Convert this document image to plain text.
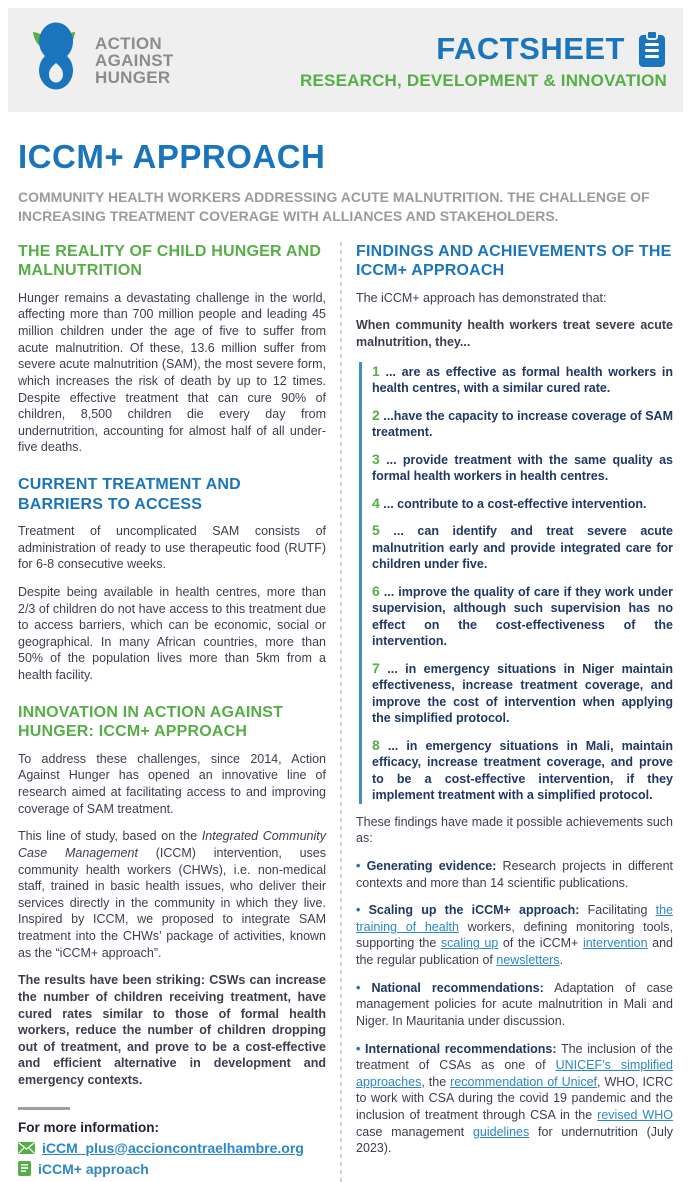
ACTION
AGAINST
HUNGER
FACTSHEET
RESEARCH, DEVELOPMENT & INNOVATION
ICCM+ APPROACH
COMMUNITY HEALTH WORKERS ADDRESSING ACUTE MALNUTRITION. THE CHALLENGE OF INCREASING TREATMENT COVERAGE WITH ALLIANCES AND STAKEHOLDERS.
THE REALITY OF CHILD HUNGER AND MALNUTRITION

Hunger remains a devastating challenge in the world, affecting more than 700 million people and leading 45 million children under the age of five to suffer from acute malnutrition. Of these, 13.6 million suffer from severe acute malnutrition (SAM), the most severe form, which increases the risk of death by up to 12 times. Despite effective treatment that can cure 90% of children, 8,500 children die every day from undernutrition, accounting for almost half of all under-five deaths.

CURRENT TREATMENT AND BARRIERS TO ACCESS

Treatment of uncomplicated SAM consists of administration of ready to use therapeutic food (RUTF) for 6-8 consecutive weeks.

Despite being available in health centres, more than 2/3 of children do not have access to this treatment due to access barriers, which can be economic, social or geographical. In many African countries, more than 50% of the population lives more than 5km from a health facility.

INNOVATION IN ACTION AGAINST HUNGER: ICCM+ APPROACH

To address these challenges, since 2014, Action Against Hunger has opened an innovative line of research aimed at facilitating access to and improving coverage of SAM treatment.

This line of study, based on the Integrated Community Case Management (ICCM) intervention, uses community health workers (CHWs), i.e. non-medical staff, trained in basic health issues, who deliver their services directly in the community in which they live. Inspired by ICCM, we proposed to integrate SAM treatment into the CHWs’ package of activities, known as the “iCCM+ approach”.

The results have been striking: CSWs can increase the number of children receiving treatment, have cured rates similar to those of formal health workers, reduce the number of children dropping out of treatment, and prove to be a cost-effective and efficient alternative in development and emergency contexts.

For more information:
iCCM_plus@accioncontraelhambre.org
iCCM+ approach
FINDINGS AND ACHIEVEMENTS OF THE ICCM+ APPROACH

The iCCM+ approach has demonstrated that:

When community health workers treat severe acute malnutrition, they...

1 ... are as effective as formal health workers in health centres, with a similar cured rate.
2 ...have the capacity to increase coverage of SAM treatment.
3 ... provide treatment with the same quality as formal health workers in health centres.
4 ... contribute to a cost-effective intervention.
5 ... can identify and treat severe acute malnutrition early and provide integrated care for children under five.
6 ... improve the quality of care if they work under supervision, although such supervision has no effect on the cost-effectiveness of the intervention.
7 ... in emergency situations in Niger maintain effectiveness, increase treatment coverage, and improve the cost of intervention when applying the simplified protocol.
8 ... in emergency situations in Mali, maintain efficacy, increase treatment coverage, and prove to be a cost-effective intervention, if they implement treatment with a simplified protocol.

These findings have made it possible achievements such as:

• Generating evidence: Research projects in different contexts and more than 14 scientific publications.
• Scaling up the iCCM+ approach: Facilitating the training of health workers, defining monitoring tools, supporting the scaling up of the iCCM+ intervention and the regular publication of newsletters.
• National recommendations: Adaptation of case management policies for acute malnutrition in Mali and Niger. In Mauritania under discussion.
• International recommendations: The inclusion of the treatment of CSAs as one of UNICEF’s simplified approaches, the recommendation of Unicef, WHO, ICRC to work with CSA during the covid 19 pandemic and the inclusion of treatment through CSA in the revised WHO case management guidelines for undernutrition (July 2023).
